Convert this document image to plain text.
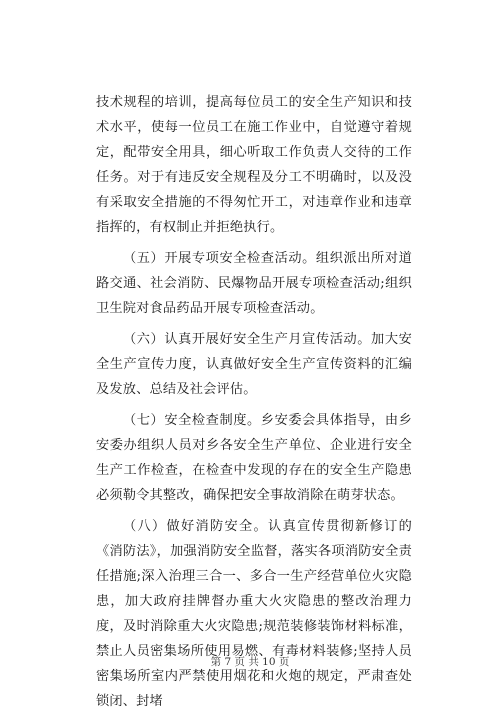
技术规程的培训，提高每位员工的安全生产知识和技术水平，使每一位员工在施工作业中，自觉遵守着规定，配带安全用具，细心听取工作负责人交待的工作任务。对于有违反安全规程及分工不明确时，以及没有采取安全措施的不得匆忙开工，对违章作业和违章指挥的，有权制止并拒绝执行。

（五）开展专项安全检查活动。组织派出所对道路交通、社会消防、民爆物品开展专项检查活动;组织卫生院对食品药品开展专项检查活动。

（六）认真开展好安全生产月宣传活动。加大安全生产宣传力度，认真做好安全生产宣传资料的汇编及发放、总结及社会评估。

（七）安全检查制度。乡安委会具体指导，由乡安委办组织人员对乡各安全生产单位、企业进行安全生产工作检查，在检查中发现的存在的安全生产隐患必须勒令其整改，确保把安全事故消除在萌芽状态。

（八）做好消防安全。认真宣传贯彻新修订的《消防法》，加强消防安全监督，落实各项消防安全责任措施;深入治理三合一、多合一生产经营单位火灾隐患，加大政府挂牌督办重大火灾隐患的整改治理力度，及时消除重大火灾隐患;规范装修装饰材料标准，禁止人员密集场所使用易燃、有毒材料装修;坚持人员密集场所室内严禁使用烟花和火炮的规定，严肃查处锁闭、封堵

第 7 页 共 10 页
